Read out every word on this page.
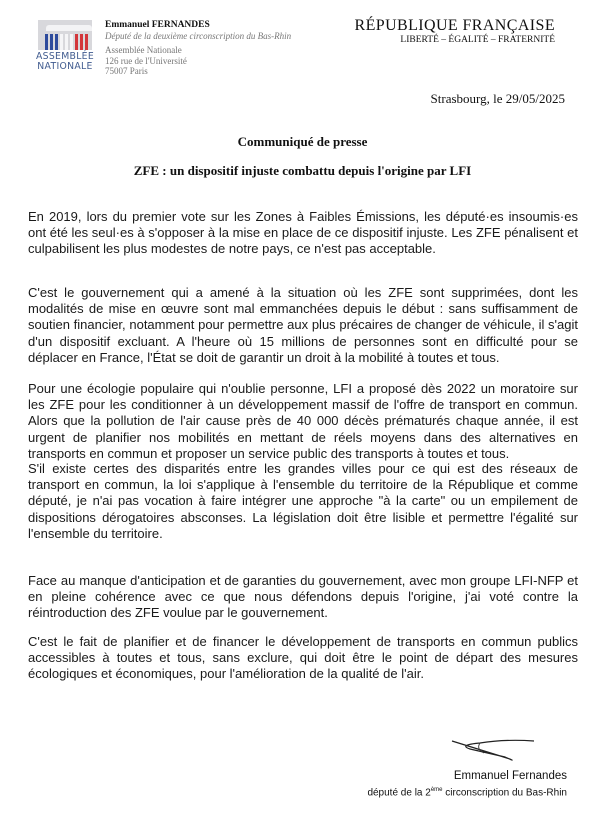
ASSEMBLÉE
NATIONALE
Emmanuel FERNANDES
Député de la deuxième circonscription du Bas-Rhin
Assemblée Nationale
126 rue de l'Université
75007 Paris
RÉPUBLIQUE FRANÇAISE
LIBERTÉ – ÉGALITÉ – FRATERNITÉ
Strasbourg, le 29/05/2025
Communiqué de presse
ZFE : un dispositif injuste combattu depuis l'origine par LFI

En 2019, lors du premier vote sur les Zones à Faibles Émissions, les député·es insoumis·es ont été les seul·es à s'opposer à la mise en place de ce dispositif injuste. Les ZFE pénalisent et culpabilisent les plus modestes de notre pays, ce n'est pas acceptable.

C'est le gouvernement qui a amené à la situation où les ZFE sont supprimées, dont les modalités de mise en œuvre sont mal emmanchées depuis le début : sans suffisamment de soutien financier, notamment pour permettre aux plus précaires de changer de véhicule, il s'agit d'un dispositif excluant. A l'heure où 15 millions de personnes sont en difficulté pour se déplacer en France, l'État se doit de garantir un droit à la mobilité à toutes et tous.

Pour une écologie populaire qui n'oublie personne, LFI a proposé dès 2022 un moratoire sur les ZFE pour les conditionner à un développement massif de l'offre de transport en commun. Alors que la pollution de l'air cause près de 40 000 décès prématurés chaque année, il est urgent de planifier nos mobilités en mettant de réels moyens dans des alternatives en transports en commun et proposer un service public des transports à toutes et tous.

S'il existe certes des disparités entre les grandes villes pour ce qui est des réseaux de transport en commun, la loi s'applique à l'ensemble du territoire de la République et comme député, je n'ai pas vocation à faire intégrer une approche "à la carte" ou un empilement de dispositions dérogatoires absconses. La législation doit être lisible et permettre l'égalité sur l'ensemble du territoire.

Face au manque d'anticipation et de garanties du gouvernement, avec mon groupe LFI-NFP et en pleine cohérence avec ce que nous défendons depuis l'origine, j'ai voté contre la réintroduction des ZFE voulue par le gouvernement.

C'est le fait de planifier et de financer le développement de transports en commun publics accessibles à toutes et tous, sans exclure, qui doit être le point de départ des mesures écologiques et économiques, pour l'amélioration de la qualité de l'air.

Emmanuel Fernandes
député de la 2ème circonscription du Bas-Rhin
